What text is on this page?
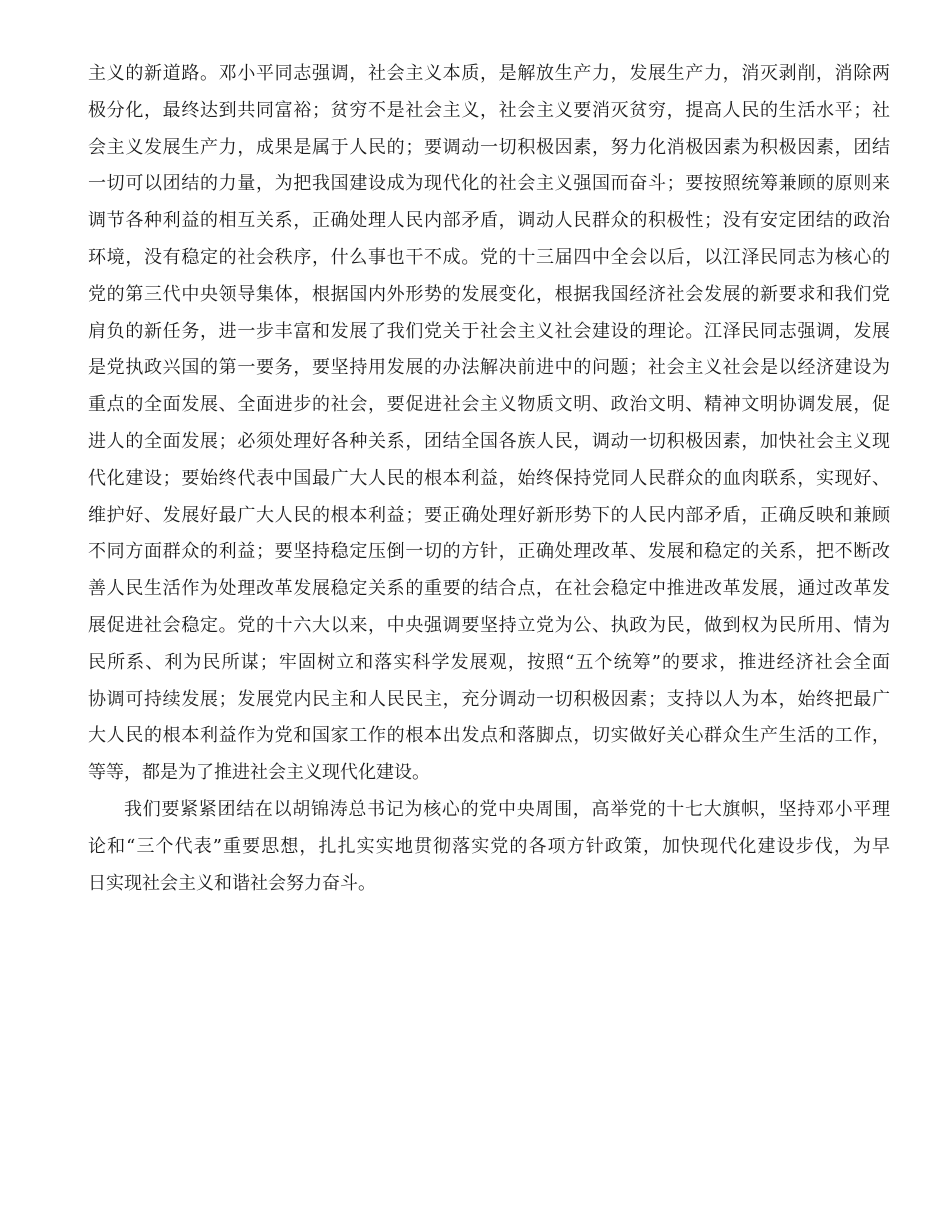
主义的新道路。邓小平同志强调，社会主义本质，是解放生产力，发展生产力，消灭剥削，消除两
极分化，最终达到共同富裕；贫穷不是社会主义，社会主义要消灭贫穷，提高人民的生活水平；社
会主义发展生产力，成果是属于人民的；要调动一切积极因素，努力化消极因素为积极因素，团结
一切可以团结的力量，为把我国建设成为现代化的社会主义强国而奋斗；要按照统筹兼顾的原则来
调节各种利益的相互关系，正确处理人民内部矛盾，调动人民群众的积极性；没有安定团结的政治
环境，没有稳定的社会秩序，什么事也干不成。党的十三届四中全会以后，以江泽民同志为核心的
党的第三代中央领导集体，根据国内外形势的发展变化，根据我国经济社会发展的新要求和我们党
肩负的新任务，进一步丰富和发展了我们党关于社会主义社会建设的理论。江泽民同志强调，发展
是党执政兴国的第一要务，要坚持用发展的办法解决前进中的问题；社会主义社会是以经济建设为
重点的全面发展、全面进步的社会，要促进社会主义物质文明、政治文明、精神文明协调发展，促
进人的全面发展；必须处理好各种关系，团结全国各族人民，调动一切积极因素，加快社会主义现
代化建设；要始终代表中国最广大人民的根本利益，始终保持党同人民群众的血肉联系，实现好、
维护好、发展好最广大人民的根本利益；要正确处理好新形势下的人民内部矛盾，正确反映和兼顾
不同方面群众的利益；要坚持稳定压倒一切的方针，正确处理改革、发展和稳定的关系，把不断改
善人民生活作为处理改革发展稳定关系的重要的结合点，在社会稳定中推进改革发展，通过改革发
展促进社会稳定。党的十六大以来，中央强调要坚持立党为公、执政为民，做到权为民所用、情为
民所系、利为民所谋；牢固树立和落实科学发展观，按照“五个统筹”的要求，推进经济社会全面
协调可持续发展；发展党内民主和人民民主，充分调动一切积极因素；支持以人为本，始终把最广
大人民的根本利益作为党和国家工作的根本出发点和落脚点，切实做好关心群众生产生活的工作，
等等，都是为了推进社会主义现代化建设。
我们要紧紧团结在以胡锦涛总书记为核心的党中央周围，高举党的十七大旗帜，坚持邓小平理
论和“三个代表”重要思想，扎扎实实地贯彻落实党的各项方针政策，加快现代化建设步伐，为早
日实现社会主义和谐社会努力奋斗。
